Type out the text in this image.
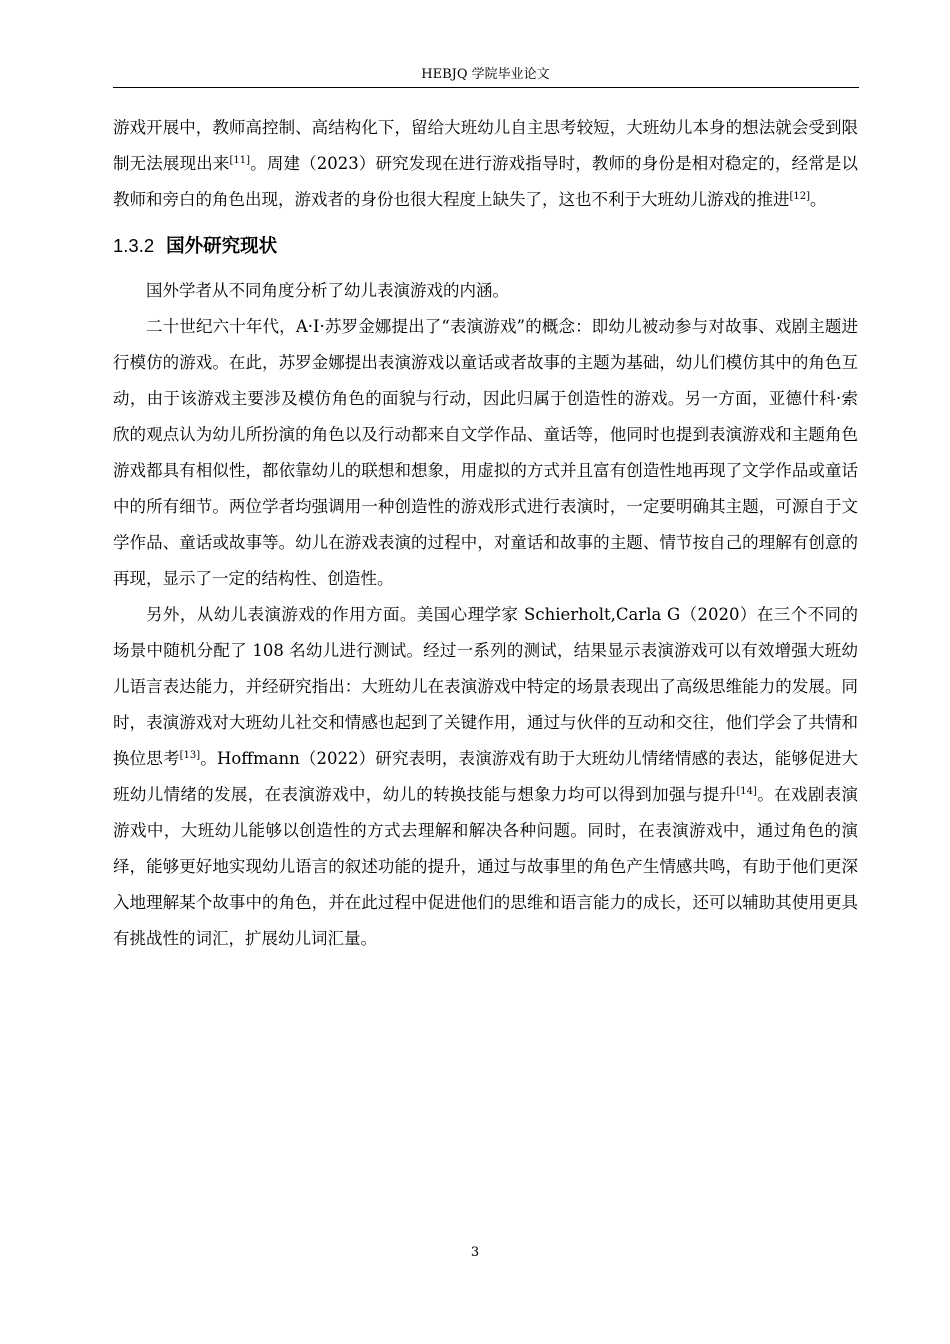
HEBJQ 学院毕业论文

游戏开展中，教师高控制、高结构化下，留给大班幼儿自主思考较短，大班幼儿本身的想法就会受到限制无法展现出来[11]。周建（2023）研究发现在进行游戏指导时，教师的身份是相对稳定的，经常是以教师和旁白的角色出现，游戏者的身份也很大程度上缺失了，这也不利于大班幼儿游戏的推进[12]。

1.3.2 国外研究现状

国外学者从不同角度分析了幼儿表演游戏的内涵。

二十世纪六十年代，A·I·苏罗金娜提出了“表演游戏”的概念：即幼儿被动参与对故事、戏剧主题进行模仿的游戏。在此，苏罗金娜提出表演游戏以童话或者故事的主题为基础，幼儿们模仿其中的角色互动，由于该游戏主要涉及模仿角色的面貌与行动，因此归属于创造性的游戏。另一方面，亚德什科·索欣的观点认为幼儿所扮演的角色以及行动都来自文学作品、童话等，他同时也提到表演游戏和主题角色游戏都具有相似性，都依靠幼儿的联想和想象，用虚拟的方式并且富有创造性地再现了文学作品或童话中的所有细节。两位学者均强调用一种创造性的游戏形式进行表演时，一定要明确其主题，可源自于文学作品、童话或故事等。幼儿在游戏表演的过程中，对童话和故事的主题、情节按自己的理解有创意的再现，显示了一定的结构性、创造性。

另外，从幼儿表演游戏的作用方面。美国心理学家 Schierholt,Carla G（2020）在三个不同的场景中随机分配了 108 名幼儿进行测试。经过一系列的测试，结果显示表演游戏可以有效增强大班幼儿语言表达能力，并经研究指出：大班幼儿在表演游戏中特定的场景表现出了高级思维能力的发展。同时，表演游戏对大班幼儿社交和情感也起到了关键作用，通过与伙伴的互动和交往，他们学会了共情和换位思考[13]。Hoffmann（2022）研究表明，表演游戏有助于大班幼儿情绪情感的表达，能够促进大班幼儿情绪的发展，在表演游戏中，幼儿的转换技能与想象力均可以得到加强与提升[14]。在戏剧表演游戏中，大班幼儿能够以创造性的方式去理解和解决各种问题。同时，在表演游戏中，通过角色的演绎，能够更好地实现幼儿语言的叙述功能的提升，通过与故事里的角色产生情感共鸣，有助于他们更深入地理解某个故事中的角色，并在此过程中促进他们的思维和语言能力的成长，还可以辅助其使用更具有挑战性的词汇，扩展幼儿词汇量。

3
